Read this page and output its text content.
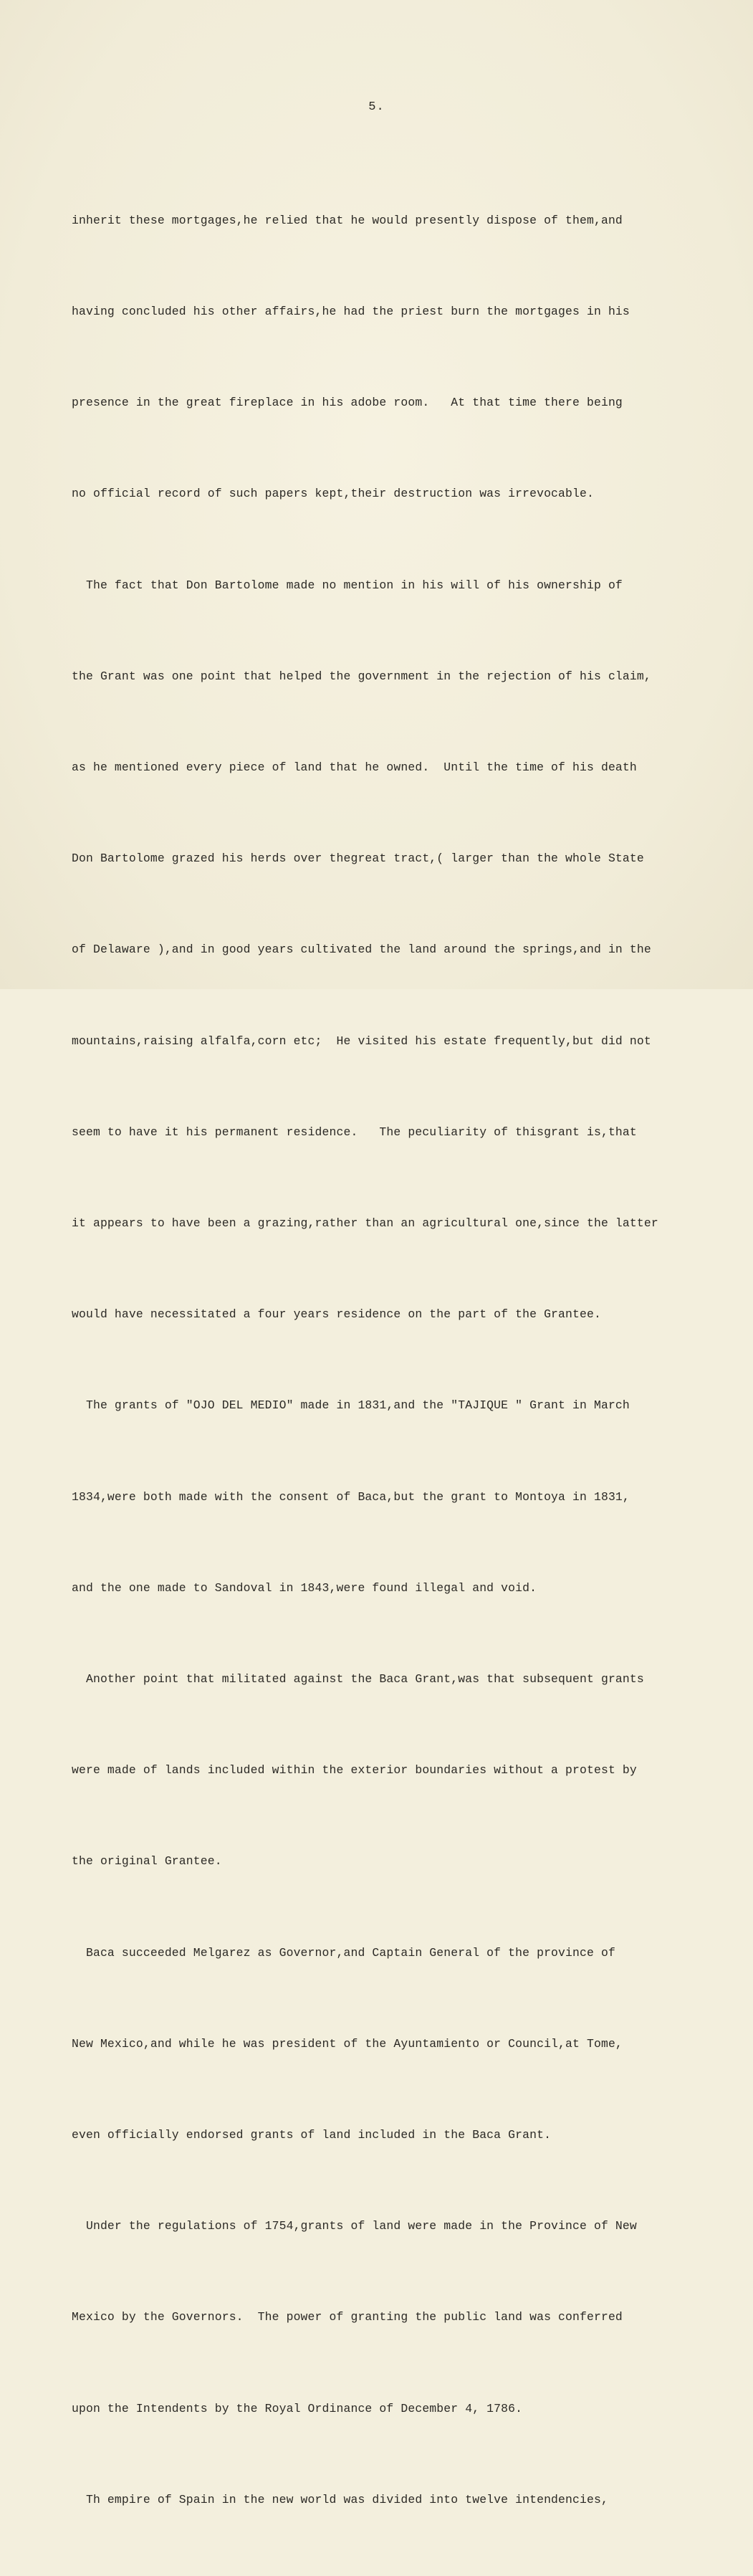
5.

inherit these mortgages,he relied that he would presently dispose of them,and

having concluded his other affairs,he had the priest burn the mortgages in his

presence in the great fireplace in his adobe room.   At that time there being

no official record of such papers kept,their destruction was irrevocable.

The fact that Don Bartolome made no mention in his will of his ownership of

the Grant was one point that helped the government in the rejection of his claim,

as he mentioned every piece of land that he owned.  Until the time of his death

Don Bartolome grazed his herds over thegreat tract,( larger than the whole State

of Delaware ),and in good years cultivated the land around the springs,and in the

mountains,raising alfalfa,corn etc;  He visited his estate frequently,but did not

seem to have it his permanent residence.   The peculiarity of thisgrant is,that

it appears to have been a grazing,rather than an agricultural one,since the latter

would have necessitated a four years residence on the part of the Grantee.

The grants of "OJO DEL MEDIO" made in 1831,and the "TAJIQUE " Grant in March

1834,were both made with the consent of Baca,but the grant to Montoya in 1831,

and the one made to Sandoval in 1843,were found illegal and void.

Another point that militated against the Baca Grant,was that subsequent grants

were made of lands included within the exterior boundaries without a protest by

the original Grantee.

Baca succeeded Melgarez as Governor,and Captain General of the province of

New Mexico,and while he was president of the Ayuntamiento or Council,at Tome,

even officially endorsed grants of land included in the Baca Grant.

Under the regulations of 1754,grants of land were made in the Province of New

Mexico by the Governors.  The power of granting the public land was conferred

upon the Intendents by the Royal Ordinance of December 4, 1786.

Th empire of Spain in the new world was divided into twelve intendencies,
